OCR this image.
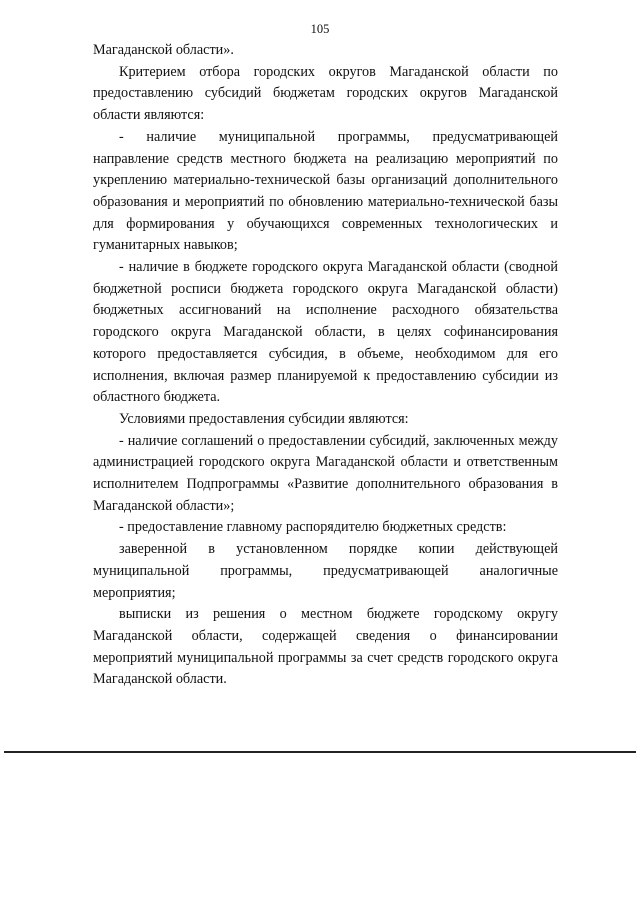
105

Магаданской области».

Критерием отбора городских округов Магаданской области по предоставлению субсидий бюджетам городских округов Магаданской области являются:

- наличие муниципальной программы, предусматривающей направление средств местного бюджета на реализацию мероприятий по укреплению материально-технической базы организаций дополнительного образования и мероприятий по обновлению материально-технической базы для формирования у обучающихся современных технологических и гуманитарных навыков;

- наличие в бюджете городского округа Магаданской области (сводной бюджетной росписи бюджета городского округа Магаданской области) бюджетных ассигнований на исполнение расходного обязательства городского округа Магаданской области, в целях софинансирования которого предоставляется субсидия, в объеме, необходимом для его исполнения, включая размер планируемой к предоставлению субсидии из областного бюджета.

Условиями предоставления субсидии являются:

- наличие соглашений о предоставлении субсидий, заключенных между администрацией городского округа Магаданской области и ответственным исполнителем Подпрограммы «Развитие дополнительного образования в Магаданской области»;

- предоставление главному распорядителю бюджетных средств:

заверенной в установленном порядке копии действующей муниципальной программы, предусматривающей аналогичные мероприятия;

выписки из решения о местном бюджете городскому округу Магаданской области, содержащей сведения о финансировании мероприятий муниципальной программы за счет средств городского округа Магаданской области.
